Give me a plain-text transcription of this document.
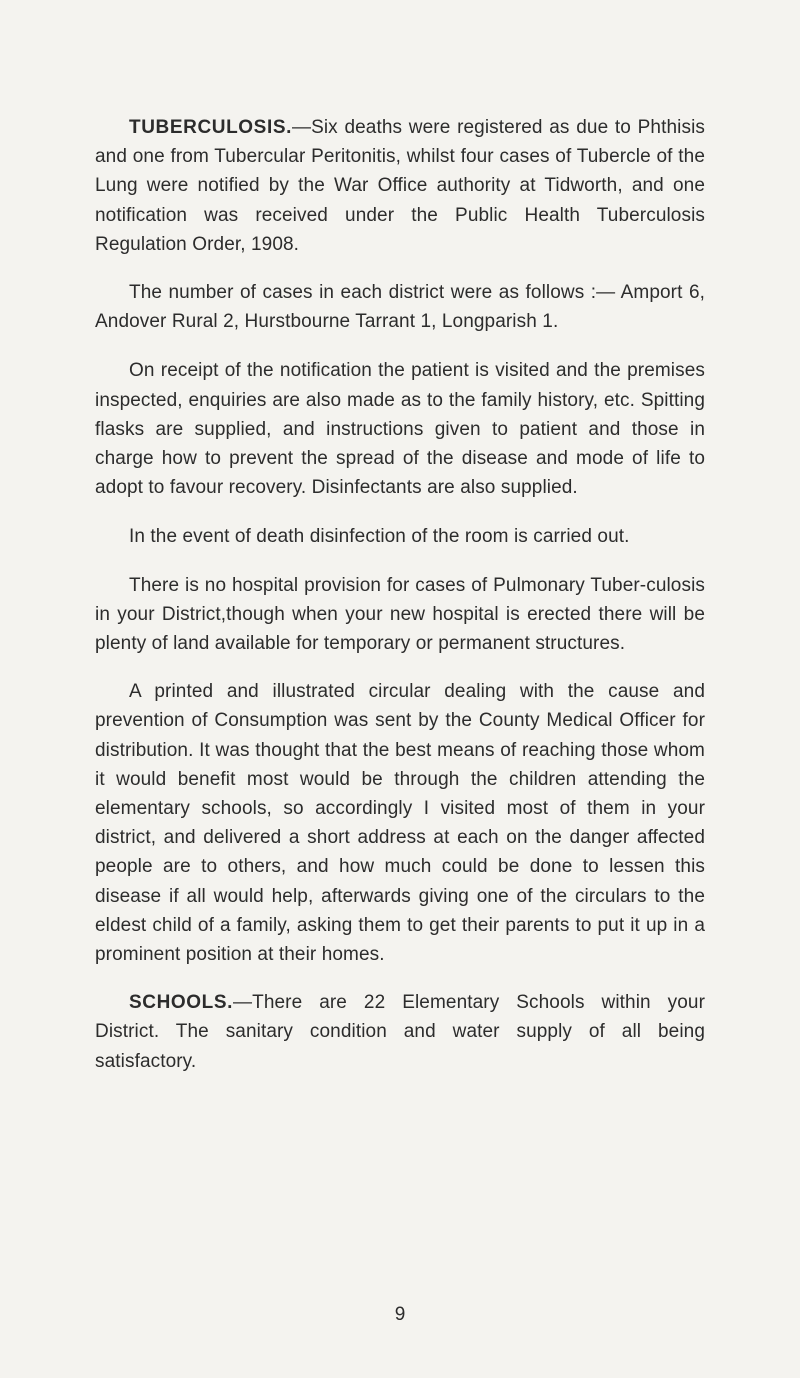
TUBERCULOSIS.—Six deaths were registered as due to Phthisis and one from Tubercular Peritonitis, whilst four cases of Tubercle of the Lung were notified by the War Office authority at Tidworth, and one notification was received under the Public Health Tuberculosis Regulation Order, 1908.

The number of cases in each district were as follows :— Amport 6, Andover Rural 2, Hurstbourne Tarrant 1, Longparish 1.

On receipt of the notification the patient is visited and the premises inspected, enquiries are also made as to the family history, etc. Spitting flasks are supplied, and instructions given to patient and those in charge how to prevent the spread of the disease and mode of life to adopt to favour recovery. Disinfectants are also supplied.

In the event of death disinfection of the room is carried out.

There is no hospital provision for cases of Pulmonary Tuber-culosis in your District,though when your new hospital is erected there will be plenty of land available for temporary or permanent structures.

A printed and illustrated circular dealing with the cause and prevention of Consumption was sent by the County Medical Officer for distribution. It was thought that the best means of reaching those whom it would benefit most would be through the children attending the elementary schools, so accordingly I visited most of them in your district, and delivered a short address at each on the danger affected people are to others, and how much could be done to lessen this disease if all would help, afterwards giving one of the circulars to the eldest child of a family, asking them to get their parents to put it up in a prominent position at their homes.

SCHOOLS.—There are 22 Elementary Schools within your District. The sanitary condition and water supply of all being satisfactory.

9
